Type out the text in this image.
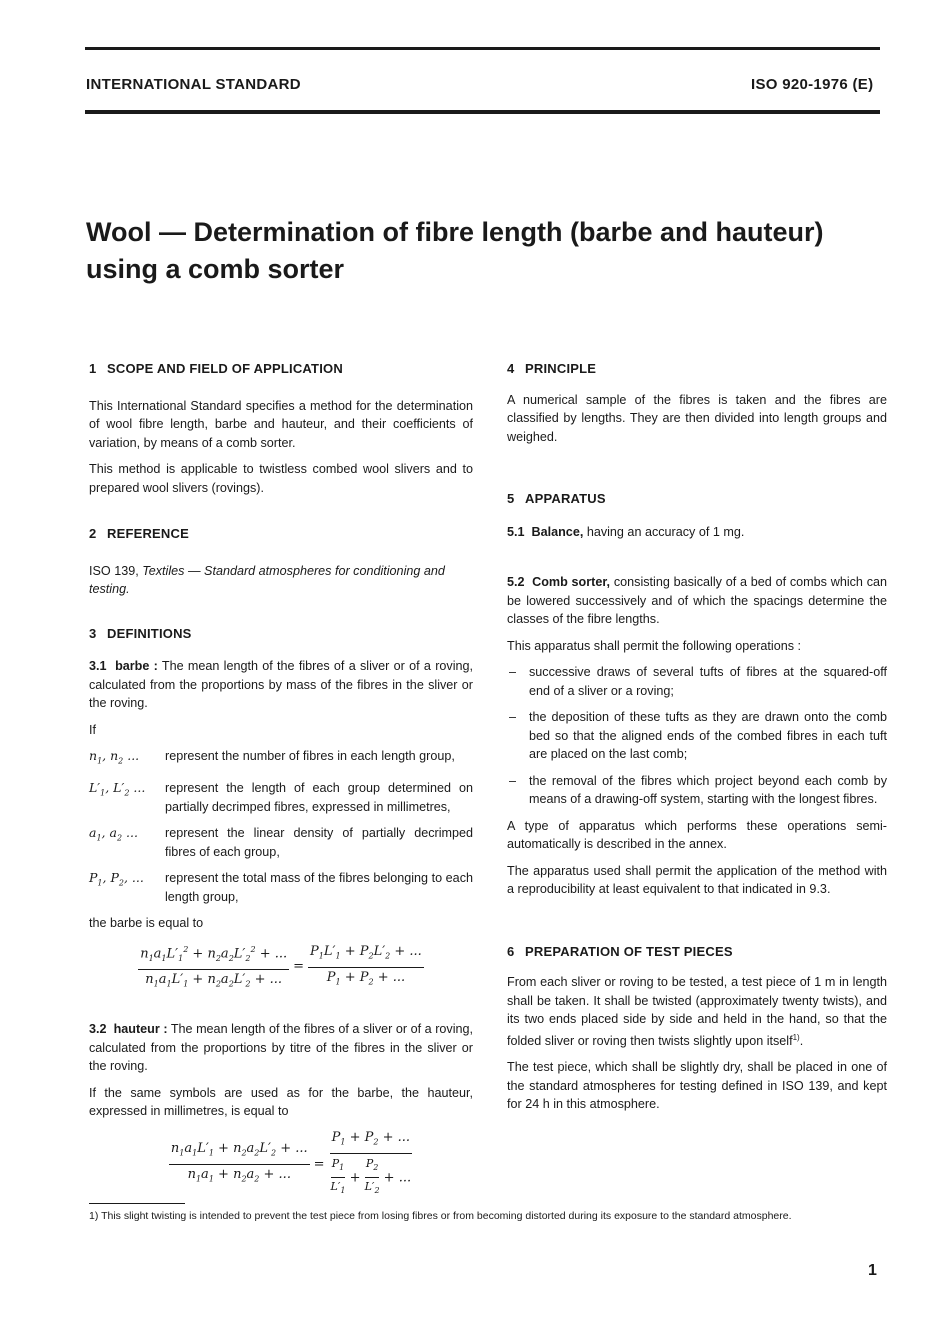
INTERNATIONAL STANDARD	ISO 920-1976 (E)
Wool — Determination of fibre length (barbe and hauteur)
using a comb sorter
1 SCOPE AND FIELD OF APPLICATION

This International Standard specifies a method for the determination of wool fibre length, barbe and hauteur, and their coefficients of variation, by means of a comb sorter.

This method is applicable to twistless combed wool slivers and to prepared wool slivers (rovings).

2 REFERENCE

ISO 139, Textiles — Standard atmospheres for conditioning and testing.

3 DEFINITIONS

3.1 barbe : The mean length of the fibres of a sliver or of a roving, calculated from the proportions by mass of the fibres in the sliver or the roving.

If

$n_1$, $n_2$ ...	represent the number of fibres in each length group,
$L'_1$, $L'_2$ ...	represent the length of each group determined on partially decrimped fibres, expressed in millimetres,
$a_1$, $a_2$ ...	represent the linear density of partially decrimped fibres of each group,
$P_1$, $P_2$, ...	represent the total mass of the fibres belonging to each length group,

the barbe is equal to

$\frac{n_1a_1L'_1^2 + n_2a_2L'_2^2 + ...}{n_1a_1L'_1 + n_2a_2L'_2 + ...} = \frac{P_1L'_1 + P_2L'_2 + ...}{P_1 + P_2 + ...}$

3.2 hauteur : The mean length of the fibres of a sliver or of a roving, calculated from the proportions by titre of the fibres in the sliver or the roving.

If the same symbols are used as for the barbe, the hauteur, expressed in millimetres, is equal to

$\frac{n_1a_1L'_1 + n_2a_2L'_2 + ...}{n_1a_1 + n_2a_2 + ...} = \frac{P_1 + P_2 + ...}{\frac{P_1}{L'_1} + \frac{P_2}{L'_2} + ...}$
4 PRINCIPLE

A numerical sample of the fibres is taken and the fibres are classified by lengths. They are then divided into length groups and weighed.

5 APPARATUS

5.1 Balance, having an accuracy of 1 mg.

5.2 Comb sorter, consisting basically of a bed of combs which can be lowered successively and of which the spacings determine the classes of the fibre lengths.

This apparatus shall permit the following operations :

–	successive draws of several tufts of fibres at the squared-off end of a sliver or a roving;
–	the deposition of these tufts as they are drawn onto the comb bed so that the aligned ends of the combed fibres in each tuft are placed on the last comb;
–	the removal of the fibres which project beyond each comb by means of a drawing-off system, starting with the longest fibres.

A type of apparatus which performs these operations semi-automatically is described in the annex.

The apparatus used shall permit the application of the method with a reproducibility at least equivalent to that indicated in 9.3.

6 PREPARATION OF TEST PIECES

From each sliver or roving to be tested, a test piece of 1 m in length shall be taken. It shall be twisted (approximately twenty twists), and its two ends placed side by side and held in the hand, so that the folded sliver or roving then twists slightly upon itself$^{1)}$.

The test piece, which shall be slightly dry, shall be placed in one of the standard atmospheres for testing defined in ISO 139, and kept for 24 h in this atmosphere.

1) This slight twisting is intended to prevent the test piece from losing fibres or from becoming distorted during its exposure to the standard atmosphere.

1
